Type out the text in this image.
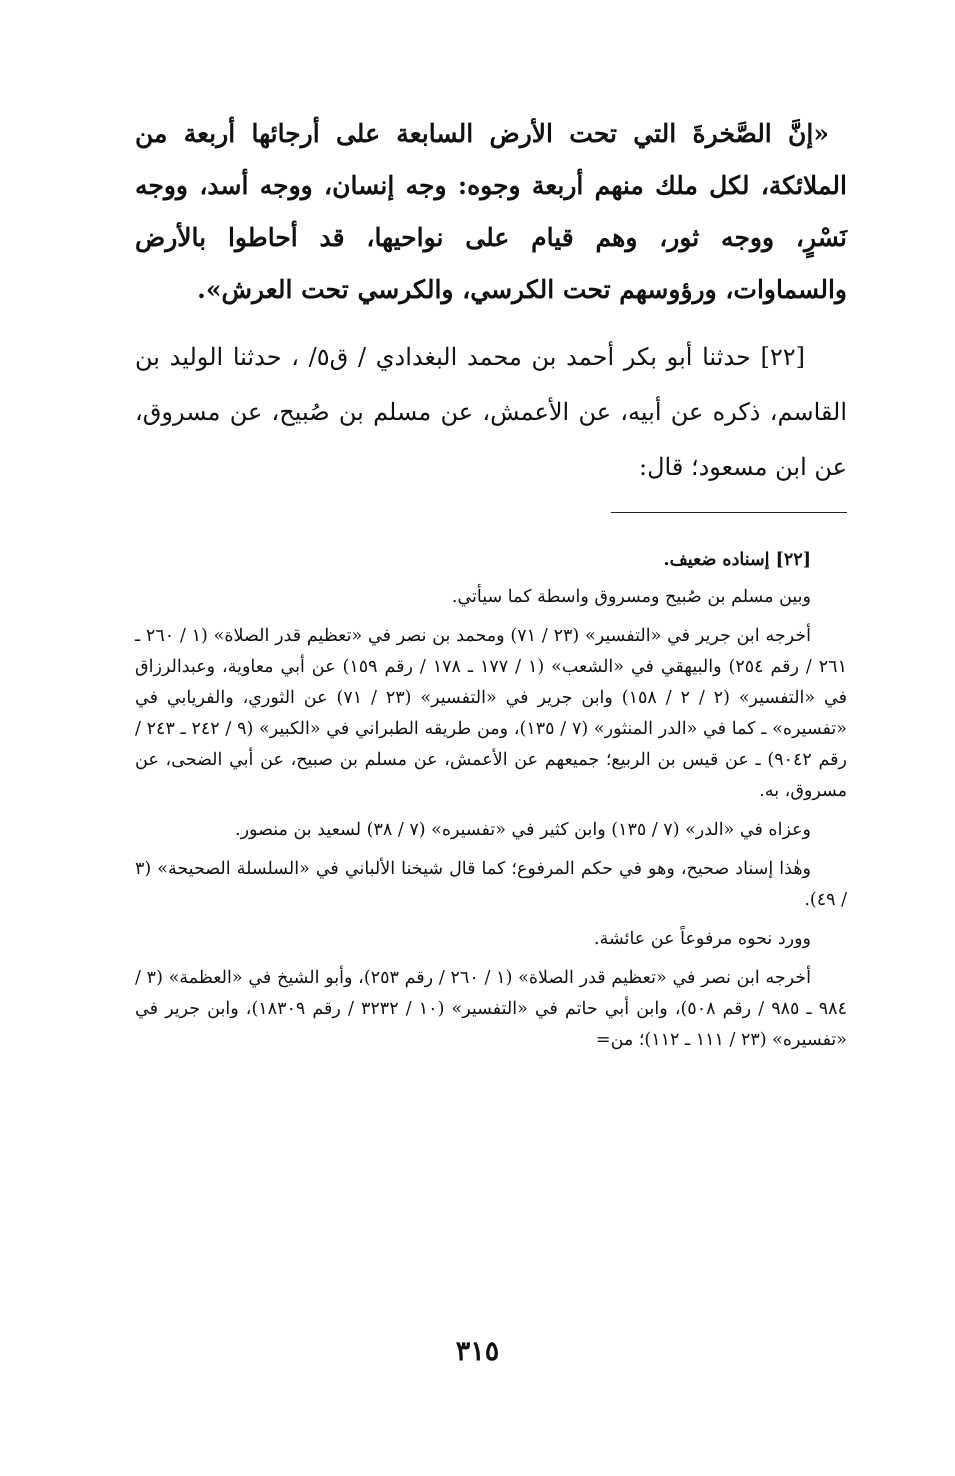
«إنَّ الصَّخرةَ التي تحت الأرض السابعة على أرجائها أربعة من الملائكة، لكل ملك منهم أربعة وجوه: وجه إنسان، ووجه أسد، ووجه نَسْرٍ، ووجه ثور، وهم قيام على نواحيها، قد أحاطوا بالأرض والسماوات، ورؤوسهم تحت الكرسي، والكرسي تحت العرش».

[٢٢] حدثنا أبو بكر أحمد بن محمد البغدادي / ق٥/ ، حدثنا الوليد بن القاسم، ذكره عن أبيه، عن الأعمش، عن مسلم بن صُبيح، عن مسروق، عن ابن مسعود؛ قال:

[٢٢] إسناده ضعيف.

وبين مسلم بن صُبيح ومسروق واسطة كما سيأتي.

أخرجه ابن جرير في «التفسير» (٢٣ / ٧١) ومحمد بن نصر في «تعظيم قدر الصلاة» (١ / ٢٦٠ ـ ٢٦١ / رقم ٢٥٤) والبيهقي في «الشعب» (١ / ١٧٧ ـ ١٧٨ / رقم ١٥٩) عن أبي معاوية، وعبدالرزاق في «التفسير» (٢ / ٢ / ١٥٨) وابن جرير في «التفسير» (٢٣ / ٧١) عن الثوري، والفريابي في «تفسيره» ـ كما في «الدر المنثور» (٧ / ١٣٥)، ومن طريقه الطبراني في «الكبير» (٩ / ٢٤٢ ـ ٢٤٣ / رقم ٩٠٤٢) ـ عن قيس بن الربيع؛ جميعهم عن الأعمش، عن مسلم بن صبيح، عن أبي الضحى، عن مسروق، به.

وعزاه في «الدر» (٧ / ١٣٥) وابن كثير في «تفسيره» (٧ / ٣٨) لسعيد بن منصور.

وهٰذا إسناد صحيح، وهو في حكم المرفوع؛ كما قال شيخنا الألباني في «السلسلة الصحيحة» (٣ / ٤٩).

وورد نحوه مرفوعاً عن عائشة.

أخرجه ابن نصر في «تعظيم قدر الصلاة» (١ / ٢٦٠ / رقم ٢٥٣)، وأبو الشيخ في «العظمة» (٣ / ٩٨٤ ـ ٩٨٥ / رقم ٥٠٨)، وابن أبي حاتم في «التفسير» (١٠ / ٣٢٣٢ / رقم ١٨٣٠٩)، وابن جرير في «تفسيره» (٢٣ / ١١١ ـ ١١٢)؛ من=

٣١٥
